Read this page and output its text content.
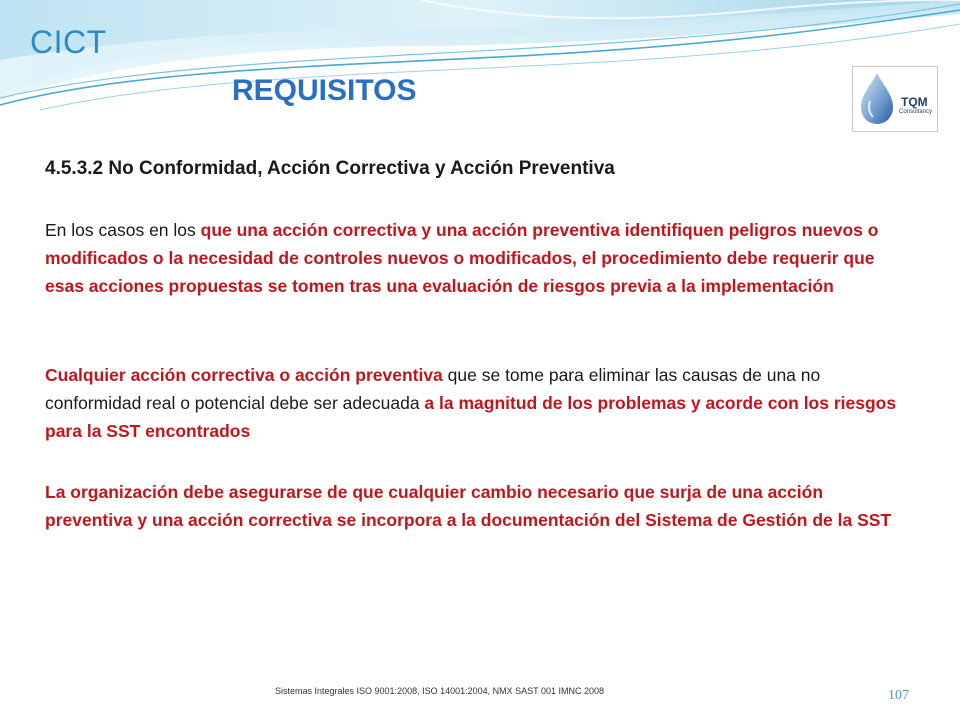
CICT
REQUISITOS	TQM
Consultancy
4.5.3.2 No Conformidad, Acción Correctiva y Acción Preventiva
En los casos en los que una acción correctiva y una acción preventiva identifiquen peligros nuevos o modificados o la necesidad de controles nuevos o modificados, el procedimiento debe requerir que esas acciones propuestas se tomen tras una evaluación de riesgos previa a la implementación
Cualquier acción correctiva o acción preventiva que se tome para eliminar las causas de una no conformidad real o potencial debe ser adecuada a la magnitud de los problemas y acorde con los riesgos para la SST encontrados
La organización debe asegurarse de que cualquier cambio necesario que surja de una acción preventiva y una acción correctiva se incorpora a la documentación del Sistema de Gestión de la SST
Sistemas Integrales ISO 9001:2008, ISO 14001:2004, NMX SAST 001 IMNC 2008	107
